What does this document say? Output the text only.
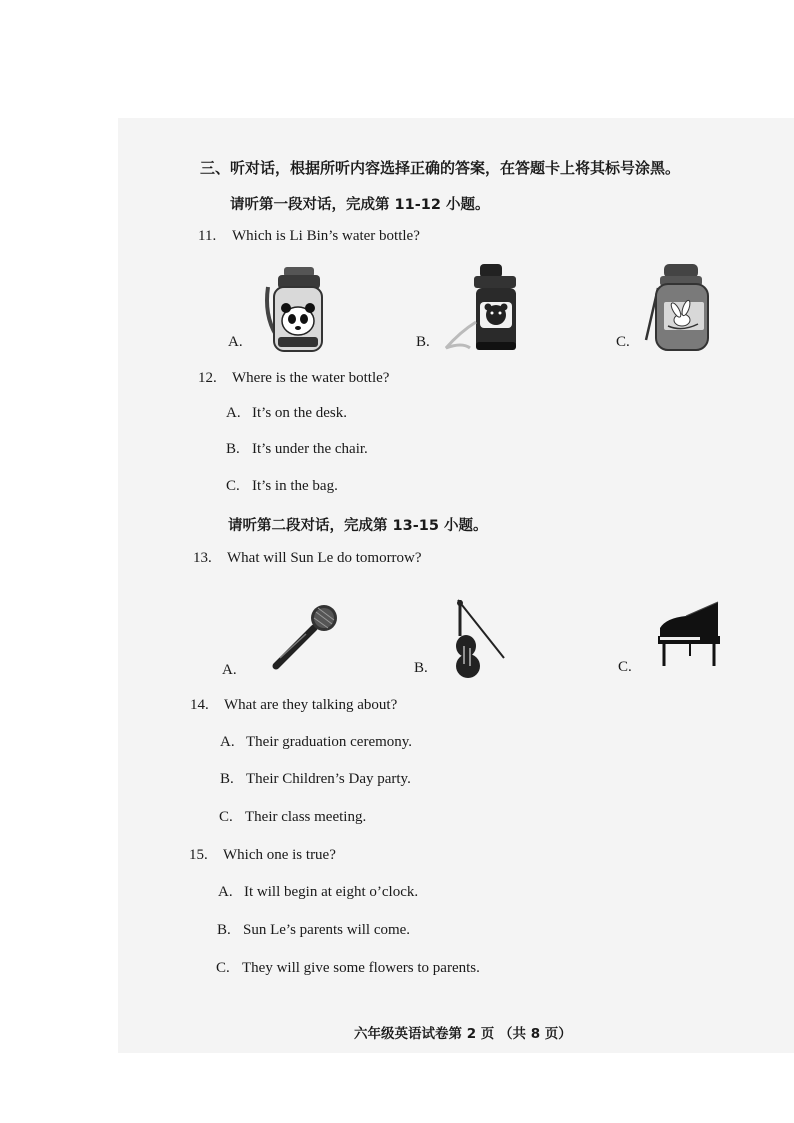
三、听对话，根据所听内容选择正确的答案，在答题卡上将其标号涂黑。
请听第一段对话，完成第 11-12 小题。
11. Which is Li Bin’s water bottle?
A.	B.	C.
12. Where is the water bottle?
A. It’s on the desk.
B. It’s under the chair.
C. It’s in the bag.
请听第二段对话，完成第 13-15 小题。
13. What will Sun Le do tomorrow?
A.	B.	C.
14. What are they talking about?
A. Their graduation ceremony.
B. Their Children’s Day party.
C. Their class meeting.
15. Which one is true?
A. It will begin at eight o’clock.
B. Sun Le’s parents will come.
C. They will give some flowers to parents.
六年级英语试卷第 2 页 （共 8 页）
